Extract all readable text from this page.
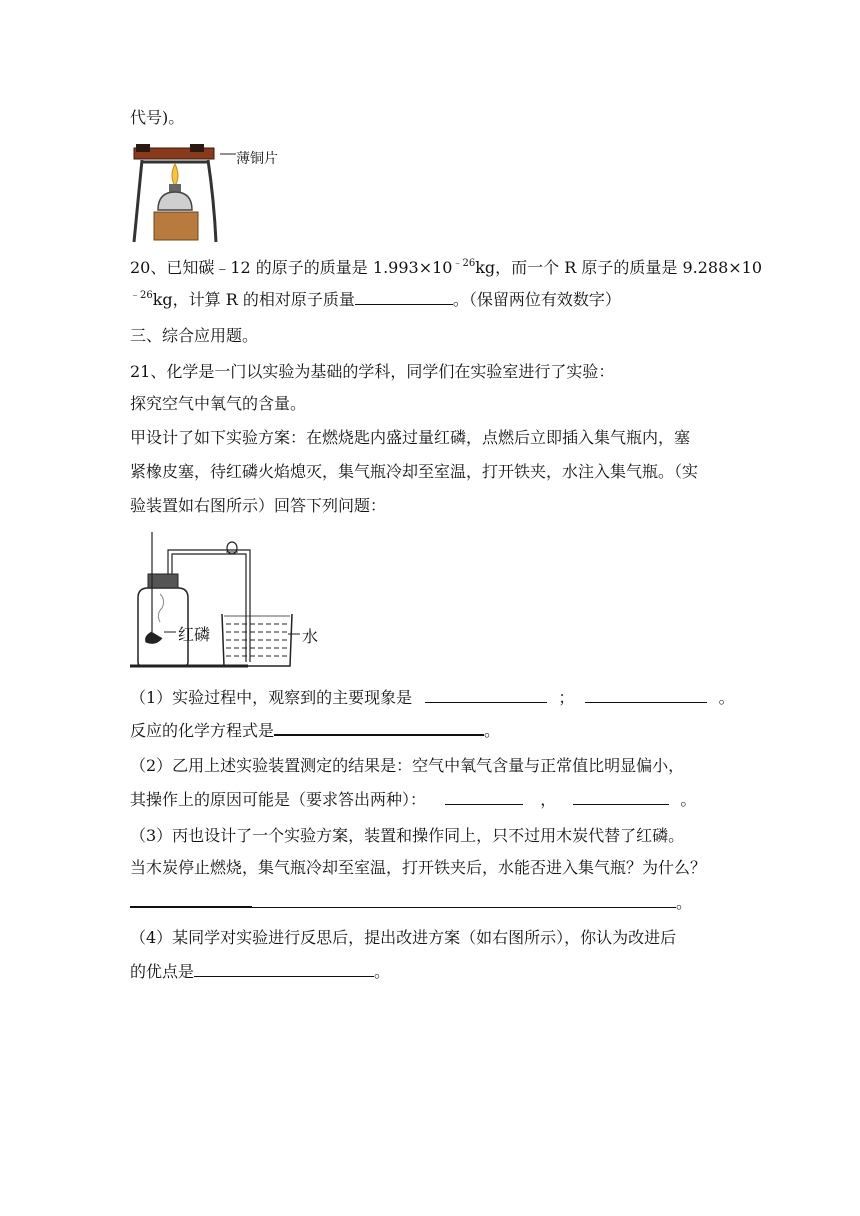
代号)。
薄铜片
20、已知碳﹣12 的原子的质量是 $1.993\times 10^{﹣26}kg$，而一个 R 原子的质量是 9.288×10
$^{﹣26}$kg，计算 R 的相对原子质量	。（保留两位有效数字）
三、综合应用题。
21、化学是一门以实验为基础的学科，同学们在实验室进行了实验：
探究空气中氧气的含量。
甲设计了如下实验方案：在燃烧匙内盛过量红磷，点燃后立即插入集气瓶内，塞
紧橡皮塞，待红磷火焰熄灭，集气瓶冷却至室温，打开铁夹，水注入集气瓶。（实
验装置如右图所示）回答下列问题：
红磷	水
（1）实验过程中，观察到的主要现象是	；	。
反应的化学方程式是	。
（2）乙用上述实验装置测定的结果是：空气中氧气含量与正常值比明显偏小，
其操作上的原因可能是（要求答出两种）：	，	。
（3）丙也设计了一个实验方案，装置和操作同上，只不过用木炭代替了红磷。
当木炭停止燃烧，集气瓶冷却至室温，打开铁夹后，水能否进入集气瓶？为什么？
。
（4）某同学对实验进行反思后，提出改进方案（如右图所示），你认为改进后
的优点是	。
